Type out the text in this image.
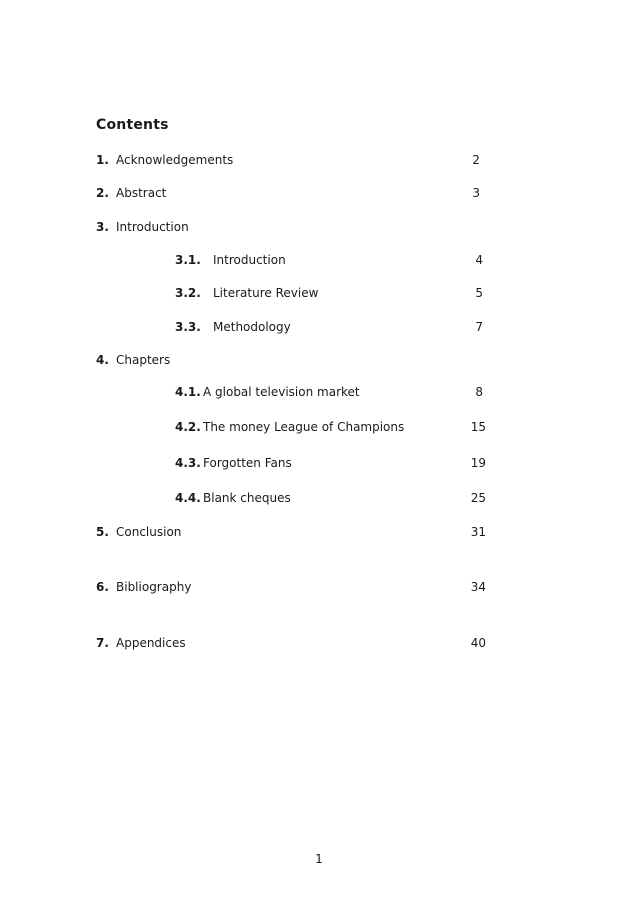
Contents
1. Acknowledgements	2
2. Abstract	3
3. Introduction
3.1. Introduction	4
3.2. Literature Review	5
3.3. Methodology	7
4. Chapters
4.1. A global television market	8
4.2. The money League of Champions	15
4.3. Forgotten Fans	19
4.4. Blank cheques	25
5. Conclusion	31
6. Bibliography	34
7. Appendices	40
1
